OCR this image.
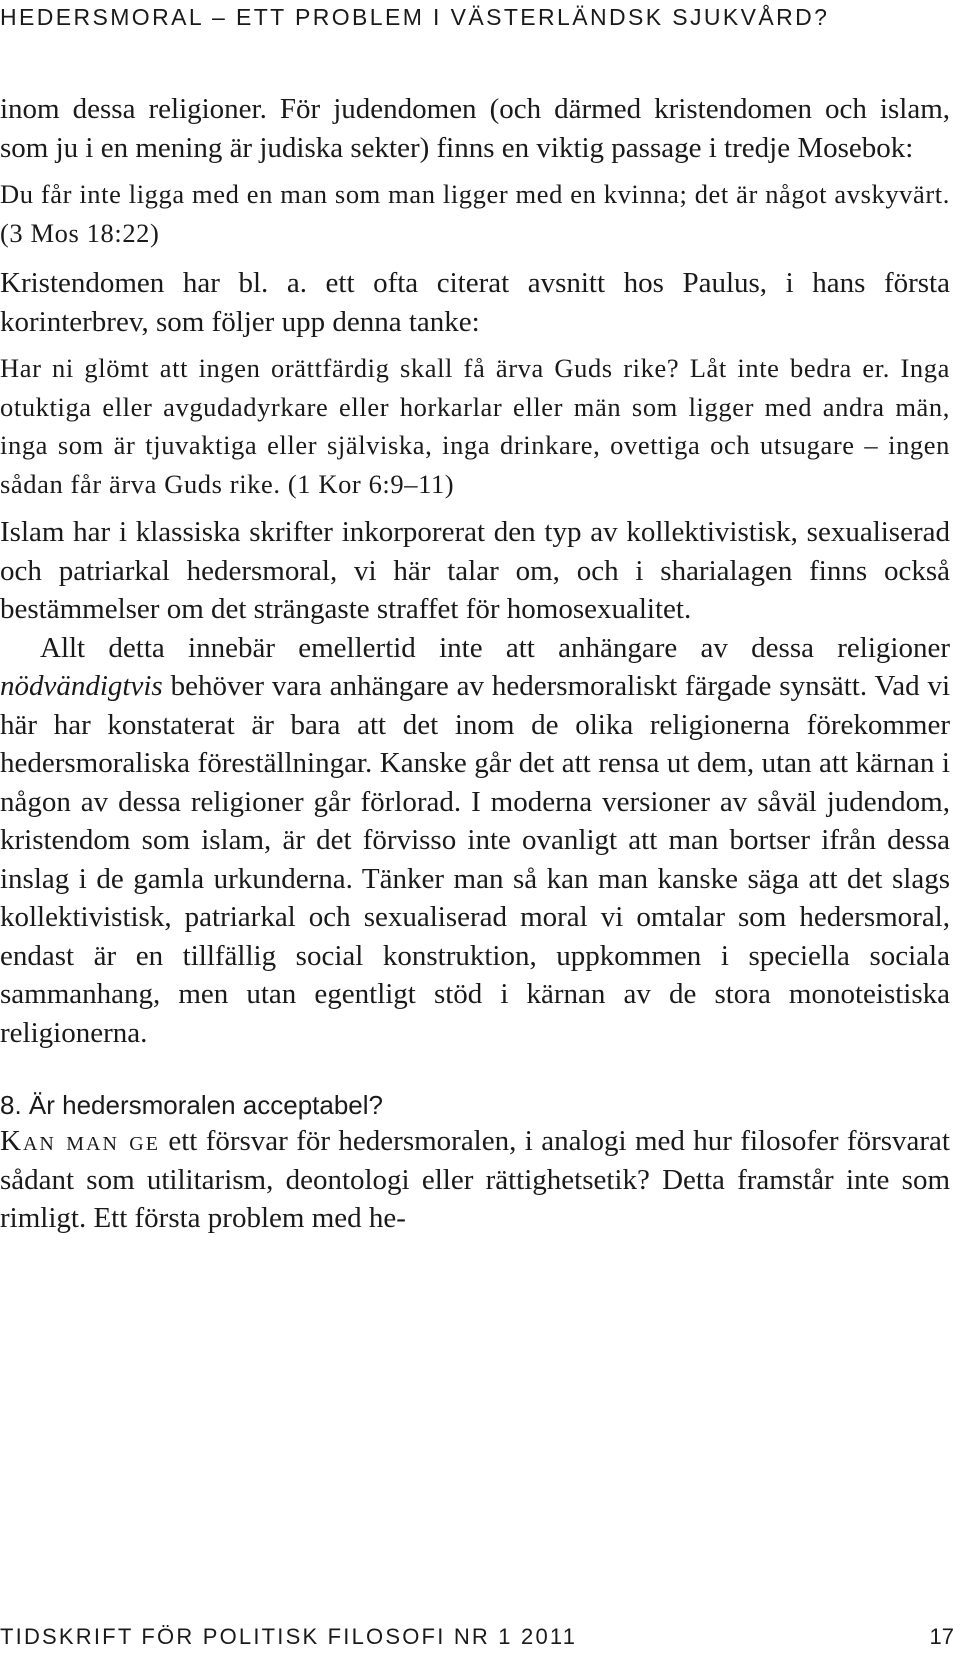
HEDERSMORAL – ETT PROBLEM I VÄSTERLÄNDSK SJUKVÅRD?

inom dessa religioner. För judendomen (och därmed kristendomen och islam, som ju i en mening är judiska sekter) finns en viktig passage i tredje Mosebok:

Du får inte ligga med en man som man ligger med en kvinna; det är något avskyvärt. (3 Mos 18:22)

Kristendomen har bl. a. ett ofta citerat avsnitt hos Paulus, i hans första korinterbrev, som följer upp denna tanke:

Har ni glömt att ingen orättfärdig skall få ärva Guds rike? Låt inte bedra er. Inga otuktiga eller avgudadyrkare eller horkarlar eller män som ligger med andra män, inga som är tjuvaktiga eller själviska, inga drinkare, ovettiga och utsugare – ingen sådan får ärva Guds rike. (1 Kor 6:9–11)

Islam har i klassiska skrifter inkorporerat den typ av kollektivistisk, sexualiserad och patriarkal hedersmoral, vi här talar om, och i sharialagen finns också bestämmelser om det strängaste straffet för homosexualitet.

Allt detta innebär emellertid inte att anhängare av dessa religioner nödvändigtvis behöver vara anhängare av hedersmoraliskt färgade synsätt. Vad vi här har konstaterat är bara att det inom de olika religionerna förekommer hedersmoraliska föreställningar. Kanske går det att rensa ut dem, utan att kärnan i någon av dessa religioner går förlorad. I moderna versioner av såväl judendom, kristendom som islam, är det förvisso inte ovanligt att man bortser ifrån dessa inslag i de gamla urkunderna. Tänker man så kan man kanske säga att det slags kollektivistisk, patriarkal och sexualiserad moral vi omtalar som hedersmoral, endast är en tillfällig social konstruktion, uppkommen i speciella sociala sammanhang, men utan egentligt stöd i kärnan av de stora monoteistiska religionerna.

8. Är hedersmoralen acceptabel?

Kan man ge ett försvar för hedersmoralen, i analogi med hur filosofer försvarat sådant som utilitarism, deontologi eller rättighetsetik? Detta framstår inte som rimligt. Ett första problem med he-

TIDSKRIFT FÖR POLITISK FILOSOFI NR 1 2011	17
